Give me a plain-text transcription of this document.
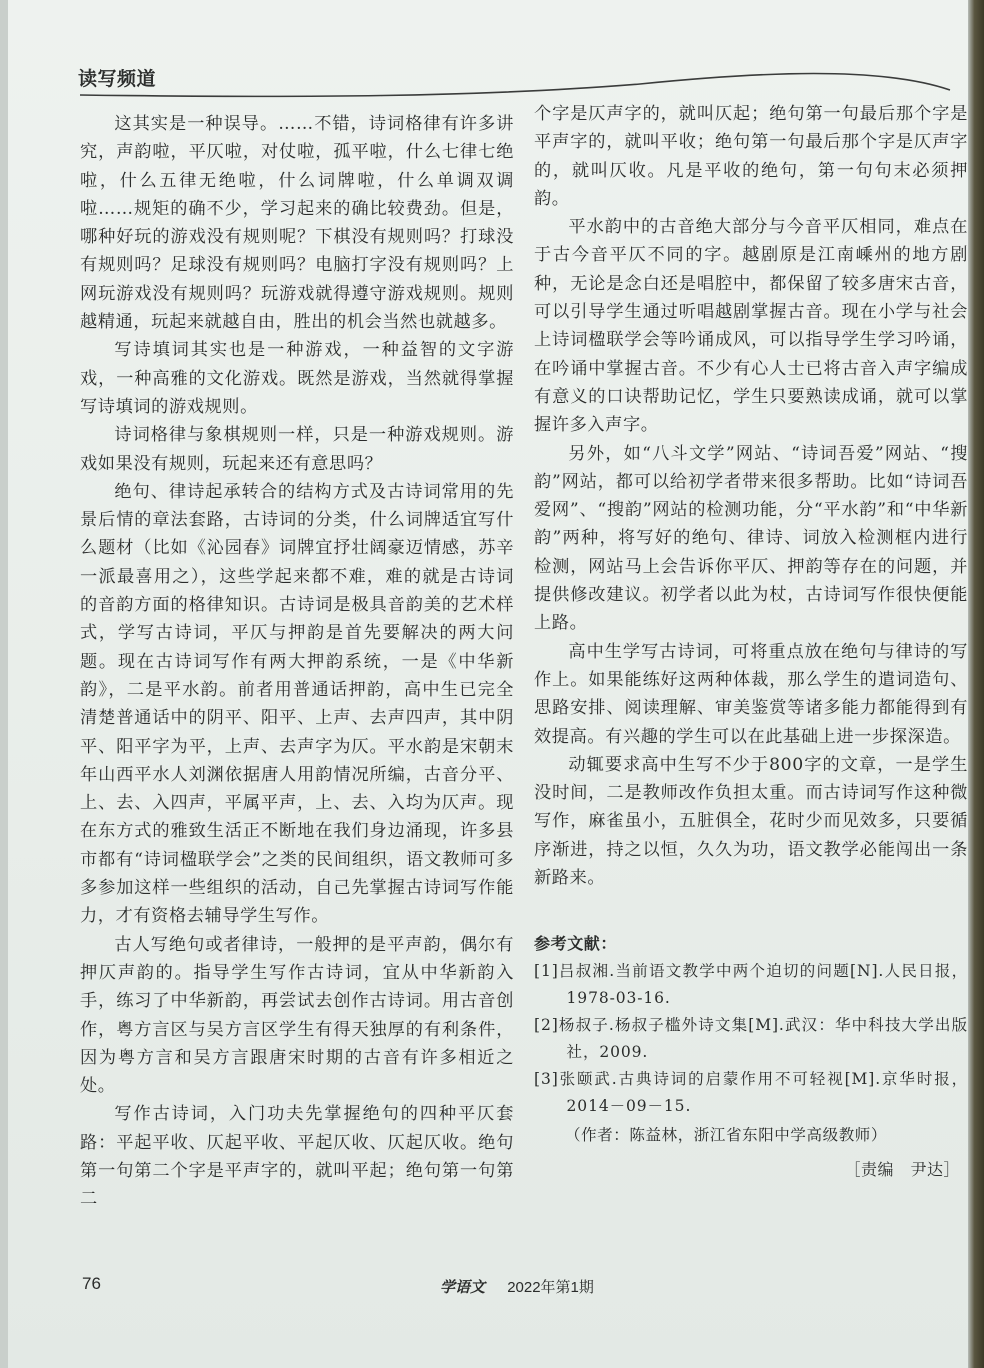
读写频道

这其实是一种误导。……不错，诗词格律有许多讲究，声韵啦，平仄啦，对仗啦，孤平啦，什么七律七绝啦，什么五律无绝啦，什么词牌啦，什么单调双调啦……规矩的确不少，学习起来的确比较费劲。但是，哪种好玩的游戏没有规则呢？下棋没有规则吗？打球没有规则吗？足球没有规则吗？电脑打字没有规则吗？上网玩游戏没有规则吗？玩游戏就得遵守游戏规则。规则越精通，玩起来就越自由，胜出的机会当然也就越多。

写诗填词其实也是一种游戏，一种益智的文字游戏，一种高雅的文化游戏。既然是游戏，当然就得掌握写诗填词的游戏规则。

诗词格律与象棋规则一样，只是一种游戏规则。游戏如果没有规则，玩起来还有意思吗？

绝句、律诗起承转合的结构方式及古诗词常用的先景后情的章法套路，古诗词的分类，什么词牌适宜写什么题材（比如《沁园春》词牌宜抒壮阔豪迈情感，苏辛一派最喜用之），这些学起来都不难，难的就是古诗词的音韵方面的格律知识。古诗词是极具音韵美的艺术样式，学写古诗词，平仄与押韵是首先要解决的两大问题。现在古诗词写作有两大押韵系统，一是《中华新韵》，二是平水韵。前者用普通话押韵，高中生已完全清楚普通话中的阴平、阳平、上声、去声四声，其中阴平、阳平字为平，上声、去声字为仄。平水韵是宋朝末年山西平水人刘渊依据唐人用韵情况所编，古音分平、上、去、入四声，平属平声，上、去、入均为仄声。现在东方式的雅致生活正不断地在我们身边涌现，许多县市都有“诗词楹联学会”之类的民间组织，语文教师可多多参加这样一些组织的活动，自己先掌握古诗词写作能力，才有资格去辅导学生写作。

古人写绝句或者律诗，一般押的是平声韵，偶尔有押仄声韵的。指导学生写作古诗词，宜从中华新韵入手，练习了中华新韵，再尝试去创作古诗词。用古音创作，粤方言区与吴方言区学生有得天独厚的有利条件，因为粤方言和吴方言跟唐宋时期的古音有许多相近之处。

写作古诗词，入门功夫先掌握绝句的四种平仄套路：平起平收、仄起平收、平起仄收、仄起仄收。绝句第一句第二个字是平声字的，就叫平起；绝句第一句第二

个字是仄声字的，就叫仄起；绝句第一句最后那个字是平声字的，就叫平收；绝句第一句最后那个字是仄声字的，就叫仄收。凡是平收的绝句，第一句句末必须押韵。

平水韵中的古音绝大部分与今音平仄相同，难点在于古今音平仄不同的字。越剧原是江南嵊州的地方剧种，无论是念白还是唱腔中，都保留了较多唐宋古音，可以引导学生通过听唱越剧掌握古音。现在小学与社会上诗词楹联学会等吟诵成风，可以指导学生学习吟诵，在吟诵中掌握古音。不少有心人士已将古音入声字编成有意义的口诀帮助记忆，学生只要熟读成诵，就可以掌握许多入声字。

另外，如“八斗文学”网站、“诗词吾爱”网站、“搜韵”网站，都可以给初学者带来很多帮助。比如“诗词吾爱网”、“搜韵”网站的检测功能，分“平水韵”和“中华新韵”两种，将写好的绝句、律诗、词放入检测框内进行检测，网站马上会告诉你平仄、押韵等存在的问题，并提供修改建议。初学者以此为杖，古诗词写作很快便能上路。

高中生学写古诗词，可将重点放在绝句与律诗的写作上。如果能练好这两种体裁，那么学生的遣词造句、思路安排、阅读理解、审美鉴赏等诸多能力都能得到有效提高。有兴趣的学生可以在此基础上进一步探深造。

动辄要求高中生写不少于800字的文章，一是学生没时间，二是教师改作负担太重。而古诗词写作这种微写作，麻雀虽小，五脏俱全，花时少而见效多，只要循序渐进，持之以恒，久久为功，语文教学必能闯出一条新路来。

参考文献：
[1]吕叔湘.当前语文教学中两个迫切的问题[N].人民日报，1978-03-16.
[2]杨叔子.杨叔子槛外诗文集[M].武汉：华中科技大学出版社，2009.
[3]张颐武.古典诗词的启蒙作用不可轻视[M].京华时报，2014－09－15.
（作者：陈益林，浙江省东阳中学高级教师）
［责编　尹达］
76	学语文 2022年第1期
